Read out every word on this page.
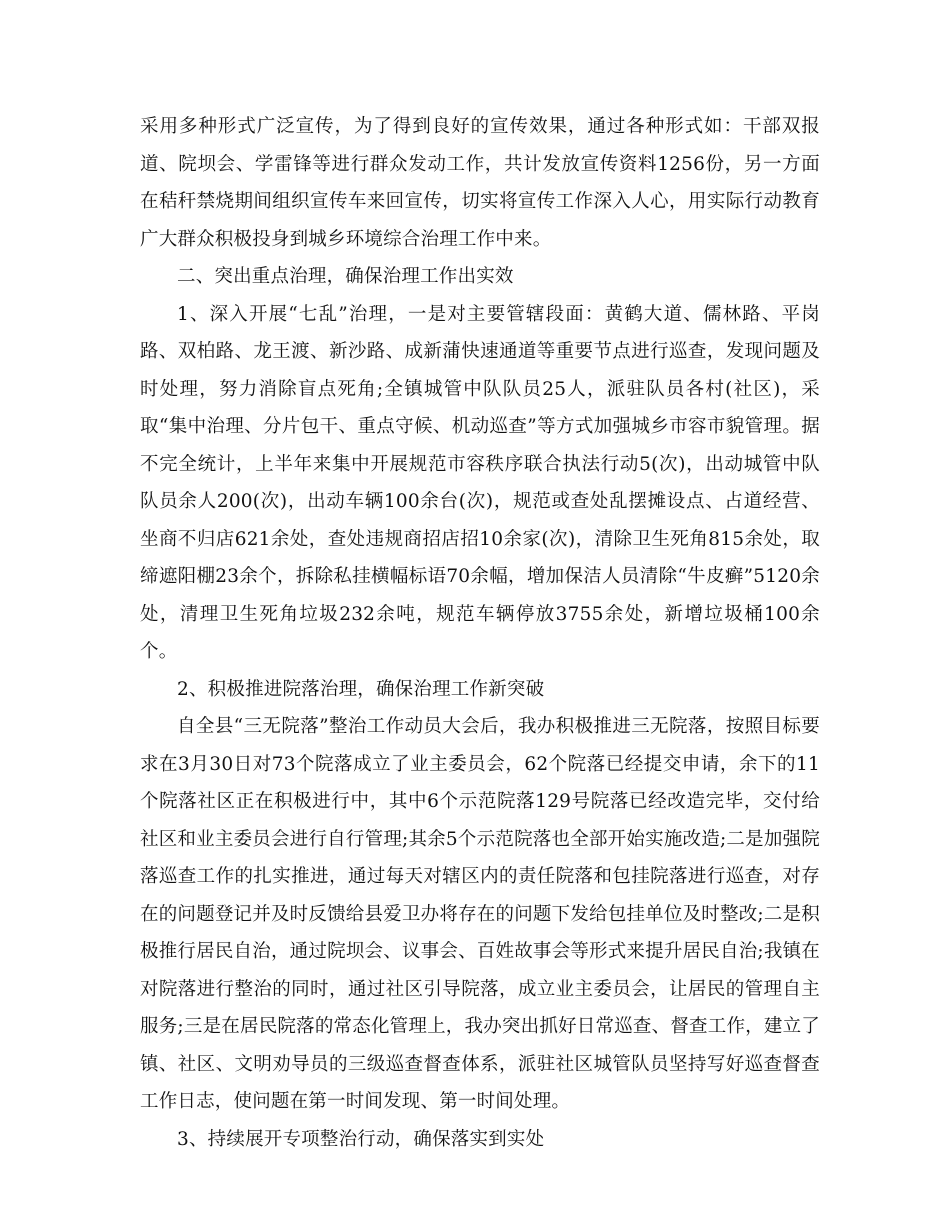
采用多种形式广泛宣传，为了得到良好的宣传效果，通过各种形式如：干部双报道、院坝会、学雷锋等进行群众发动工作，共计发放宣传资料1256份，另一方面在秸秆禁烧期间组织宣传车来回宣传，切实将宣传工作深入人心，用实际行动教育广大群众积极投身到城乡环境综合治理工作中来。

二、突出重点治理，确保治理工作出实效

1、深入开展“七乱”治理，一是对主要管辖段面：黄鹤大道、儒林路、平岗路、双柏路、龙王渡、新沙路、成新蒲快速通道等重要节点进行巡查，发现问题及时处理，努力消除盲点死角;全镇城管中队队员25人，派驻队员各村(社区)，采取“集中治理、分片包干、重点守候、机动巡查”等方式加强城乡市容市貌管理。据不完全统计，上半年来集中开展规范市容秩序联合执法行动5(次)，出动城管中队队员余人200(次)，出动车辆100余台(次)，规范或查处乱摆摊设点、占道经营、坐商不归店621余处，查处违规商招店招10余家(次)，清除卫生死角815余处，取缔遮阳棚23余个，拆除私挂横幅标语70余幅，增加保洁人员清除“牛皮癣”5120余处，清理卫生死角垃圾232余吨，规范车辆停放3755余处，新增垃圾桶100余个。

2、积极推进院落治理，确保治理工作新突破

自全县“三无院落”整治工作动员大会后，我办积极推进三无院落，按照目标要求在3月30日对73个院落成立了业主委员会，62个院落已经提交申请，余下的11个院落社区正在积极进行中，其中6个示范院落129号院落已经改造完毕，交付给社区和业主委员会进行自行管理;其余5个示范院落也全部开始实施改造;二是加强院落巡查工作的扎实推进，通过每天对辖区内的责任院落和包挂院落进行巡查，对存在的问题登记并及时反馈给县爱卫办将存在的问题下发给包挂单位及时整改;二是积极推行居民自治，通过院坝会、议事会、百姓故事会等形式来提升居民自治;我镇在对院落进行整治的同时，通过社区引导院落，成立业主委员会，让居民的管理自主服务;三是在居民院落的常态化管理上，我办突出抓好日常巡查、督查工作，建立了镇、社区、文明劝导员的三级巡查督查体系，派驻社区城管队员坚持写好巡查督查工作日志，使问题在第一时间发现、第一时间处理。

3、持续展开专项整治行动，确保落实到实处
